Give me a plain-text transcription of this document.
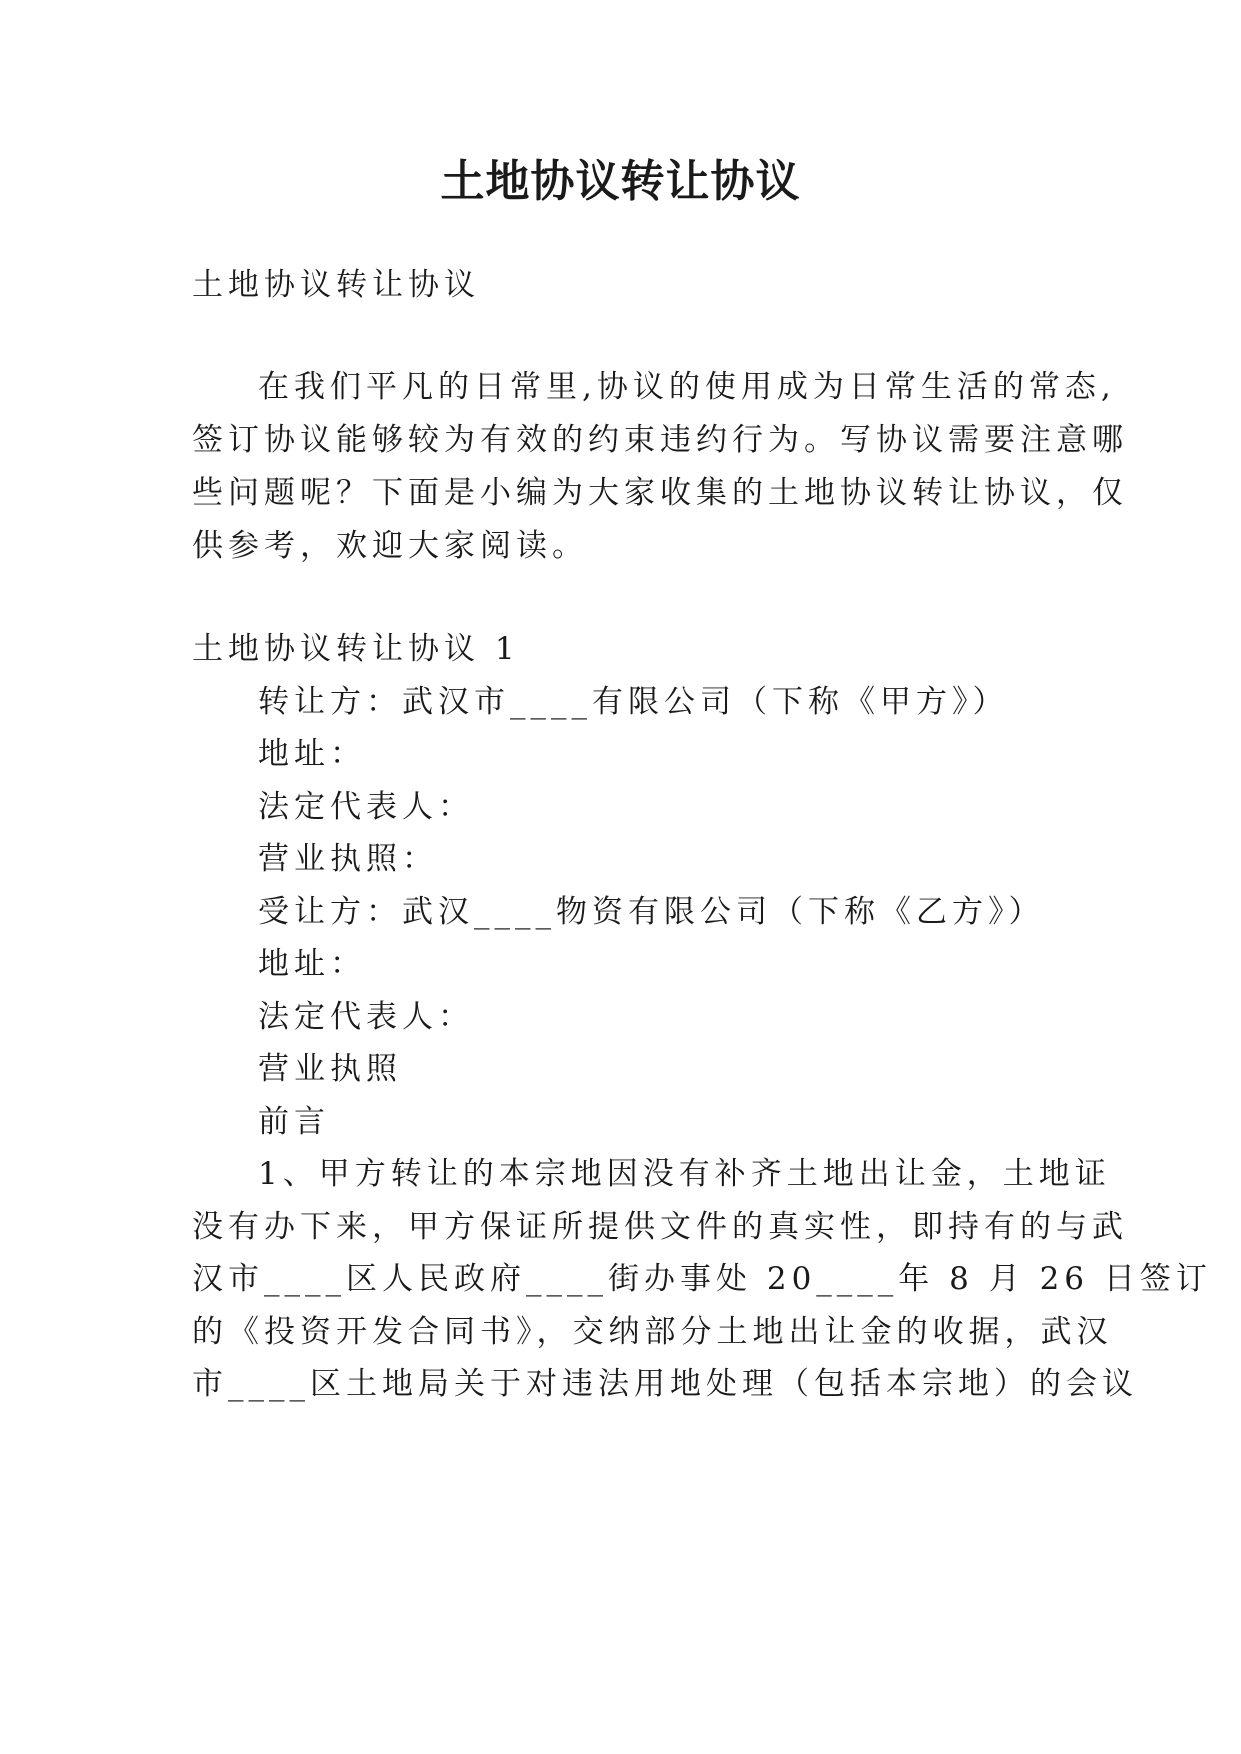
土地协议转让协议

土地协议转让协议

在我们平凡的日常里,协议的使用成为日常生活的常态,

签订协议能够较为有效的约束违约行为。写协议需要注意哪

些问题呢？下面是小编为大家收集的土地协议转让协议，仅

供参考，欢迎大家阅读。

土地协议转让协议 1

转让方：武汉市____有限公司（下称《甲方》）

地址：

法定代表人：

营业执照：

受让方：武汉____物资有限公司（下称《乙方》）

地址：

法定代表人：

营业执照

前言

1、甲方转让的本宗地因没有补齐土地出让金，土地证

没有办下来，甲方保证所提供文件的真实性，即持有的与武

汉市____区人民政府____街办事处 20____年 8 月 26 日签订

的《投资开发合同书》，交纳部分土地出让金的收据，武汉

市____区土地局关于对违法用地处理（包括本宗地）的会议
